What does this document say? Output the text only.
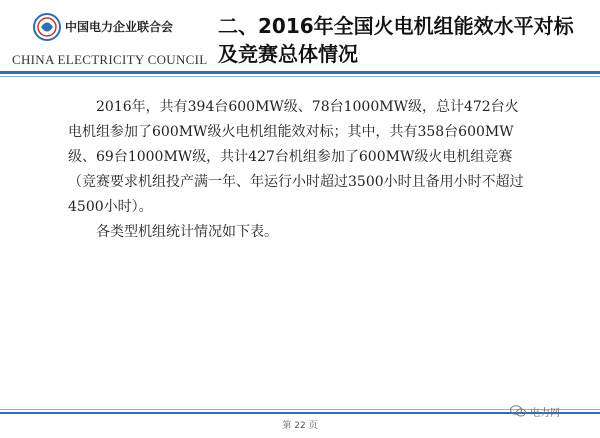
中国电力企业联合会
CHINA ELECTRICITY COUNCIL
二、2016年全国火电机组能效水平对标
及竞赛总体情况

2016年，共有394台600MW级、78台1000MW级，总计472台火电机组参加了600MW级火电机组能效对标；其中，共有358台600MW级、69台1000MW级，共计427台机组参加了600MW级火电机组竞赛（竞赛要求机组投产满一年、年运行小时超过3500小时且备用小时不超过4500小时）。

各类型机组统计情况如下表。

第 22 页
电力网
